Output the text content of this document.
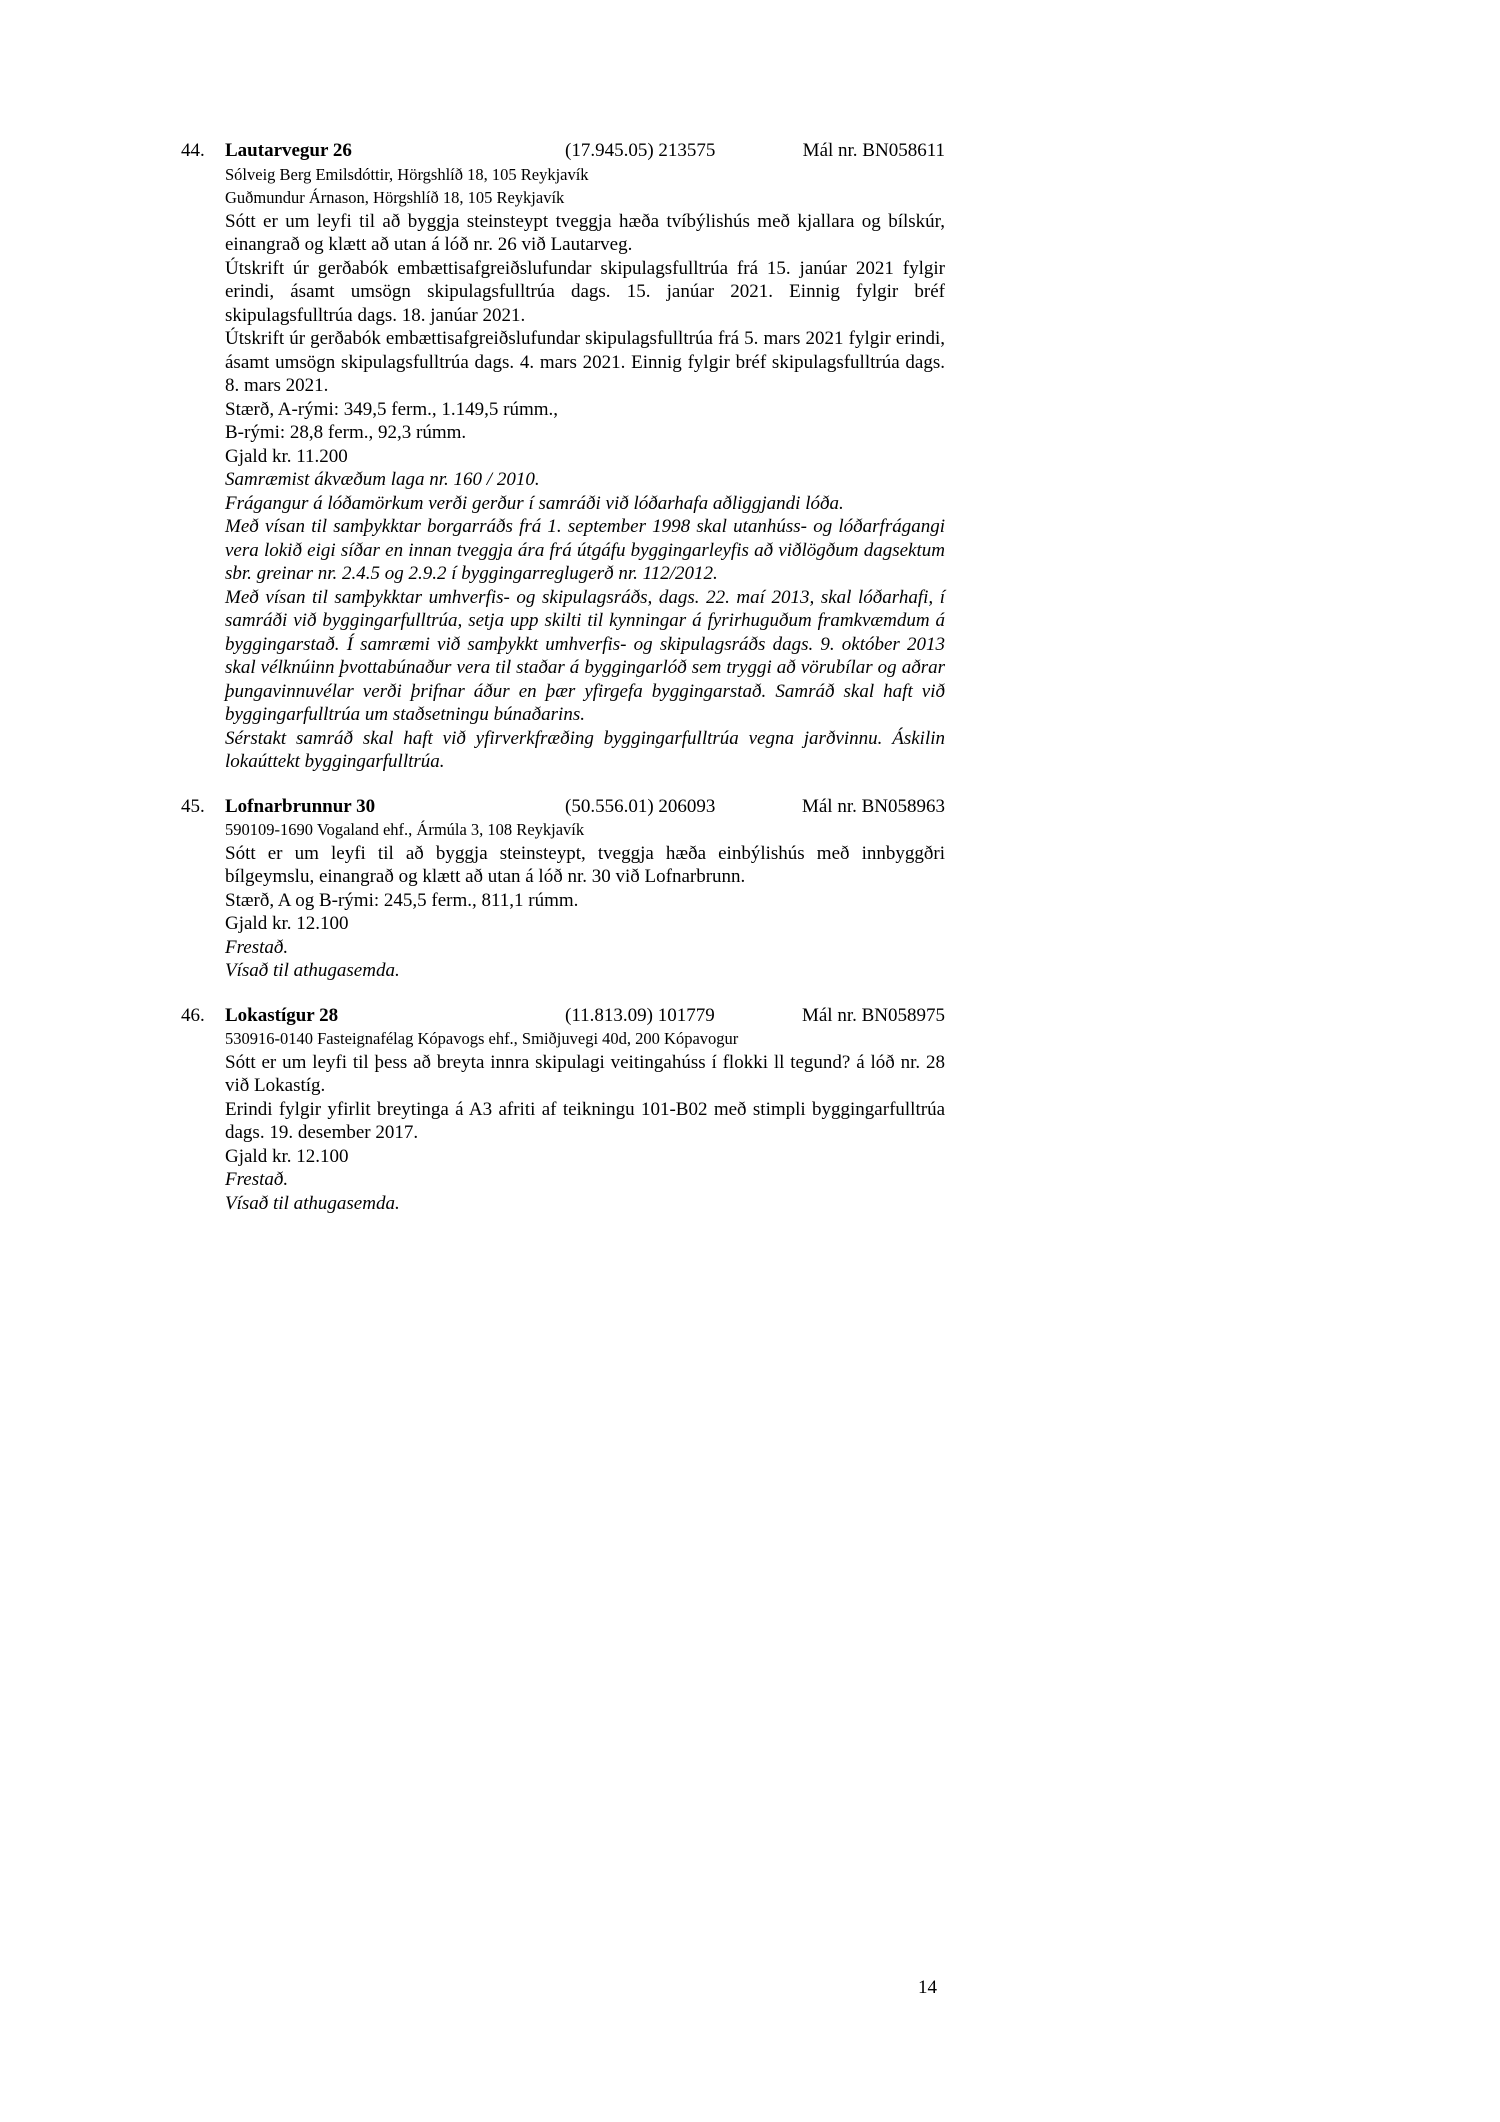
44.	Lautarvegur 26	(17.945.05) 213575	Mál nr. BN058611
Sólveig Berg Emilsdóttir, Hörgshlíð 18, 105 Reykjavík
Guðmundur Árnason, Hörgshlíð 18, 105 Reykjavík

Sótt er um leyfi til að byggja steinsteypt tveggja hæða tvíbýlishús með kjallara og bílskúr, einangrað og klætt að utan á lóð nr. 26 við Lautarveg.

Útskrift úr gerðabók embættisafgreiðslufundar skipulagsfulltrúa frá 15. janúar 2021 fylgir erindi, ásamt umsögn skipulagsfulltrúa dags. 15. janúar 2021. Einnig fylgir bréf skipulagsfulltrúa dags. 18. janúar 2021.

Útskrift úr gerðabók embættisafgreiðslufundar skipulagsfulltrúa frá 5. mars 2021 fylgir erindi, ásamt umsögn skipulagsfulltrúa dags. 4. mars 2021. Einnig fylgir bréf skipulagsfulltrúa dags. 8. mars 2021.

Stærð, A-rými: 349,5 ferm., 1.149,5 rúmm.,

B-rými: 28,8 ferm., 92,3 rúmm.

Gjald kr. 11.200

Samræmist ákvæðum laga nr. 160 / 2010.

Frágangur á lóðamörkum verði gerður í samráði við lóðarhafa aðliggjandi lóða.

Með vísan til samþykktar borgarráðs frá 1. september 1998 skal utanhúss- og lóðarfrágangi vera lokið eigi síðar en innan tveggja ára frá útgáfu byggingarleyfis að viðlögðum dagsektum sbr. greinar nr. 2.4.5 og 2.9.2 í byggingarreglugerð nr. 112/2012.

Með vísan til samþykktar umhverfis- og skipulagsráðs, dags. 22. maí 2013, skal lóðarhafi, í samráði við byggingarfulltrúa, setja upp skilti til kynningar á fyrirhuguðum framkvæmdum á byggingarstað. Í samræmi við samþykkt umhverfis- og skipulagsráðs dags. 9. október 2013 skal vélknúinn þvottabúnaður vera til staðar á byggingarlóð sem tryggi að vörubílar og aðrar þungavinnuvélar verði þrifnar áður en þær yfirgefa byggingarstað. Samráð skal haft við byggingarfulltrúa um staðsetningu búnaðarins.

Sérstakt samráð skal haft við yfirverkfræðing byggingarfulltrúa vegna jarðvinnu. Áskilin lokaúttekt byggingarfulltrúa.

45.	Lofnarbrunnur 30	(50.556.01) 206093	Mál nr. BN058963
590109-1690 Vogaland ehf., Ármúla 3, 108 Reykjavík

Sótt er um leyfi til að byggja steinsteypt, tveggja hæða einbýlishús með innbyggðri bílgeymslu, einangrað og klætt að utan á lóð nr. 30 við Lofnarbrunn.

Stærð, A og B-rými: 245,5 ferm., 811,1 rúmm.

Gjald kr. 12.100

Frestað.

Vísað til athugasemda.

46.	Lokastígur 28	(11.813.09) 101779	Mál nr. BN058975
530916-0140 Fasteignafélag Kópavogs ehf., Smiðjuvegi 40d, 200 Kópavogur

Sótt er um leyfi til þess að breyta innra skipulagi veitingahúss í flokki ll tegund? á lóð nr. 28 við Lokastíg.

Erindi fylgir yfirlit breytinga á A3 afriti af teikningu 101-B02 með stimpli byggingarfulltrúa dags. 19. desember 2017.

Gjald kr. 12.100

Frestað.

Vísað til athugasemda.

14
